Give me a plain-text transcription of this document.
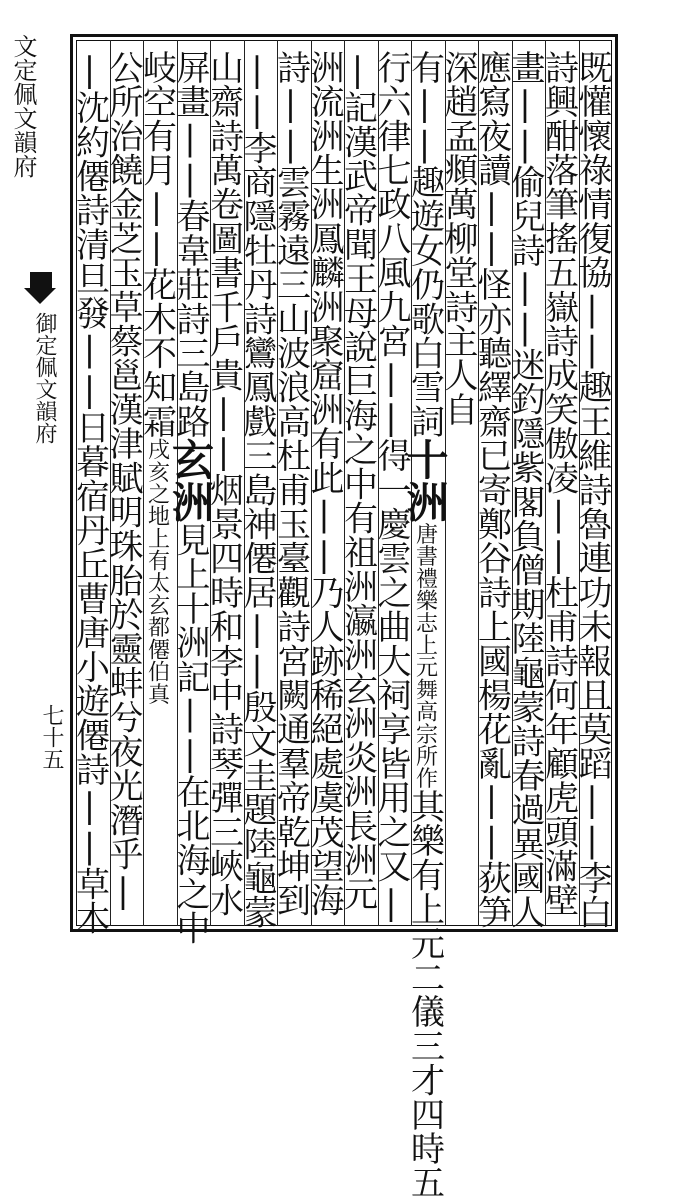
文定佩文韻府
御定佩文韻府
七十五
既懽懷祿情復協||趣王維詩魯連功未報且莫蹈||李白
詩興酣落筆搖五嶽詩成笑傲凌||杜甫詩何年顧虎頭滿壁
畫||偷兒詩||迷釣隱紫閣負僧期陸龜蒙詩春過異國人
應寫夜讀||怪亦聽繹齋已寄鄭谷詩上國楊花亂||荻笋
深趙孟頫萬柳堂詩主人自
有||趣遊女仍歌白雪詞十洲唐書禮樂志上元舞高宗所作其樂有上元二儀三才四時五
行六律七政八風九宮||得一慶雲之曲大祠享皆用之又|
|記漢武帝聞王母說巨海之中有祖洲瀛洲玄洲炎洲長洲元
洲流洲生洲鳳麟洲聚窟洲有此||乃人跡稀絕處虞茂望海
詩||雲霧遠三山波浪高杜甫玉臺觀詩宮闕通羣帝乾坤到
||李商隱牡丹詩鸞鳳戲三島神僊居||殷文圭題陸龜蒙
山齋詩萬卷圖書千戶貴||烟景四時和李中詩琴彈三峽水
屏畫||春韋莊詩三島路玄洲見上十洲記||在北海之中
岐空有月||花木不知霜戌亥之地上有太玄都僊伯真
公所治饒金芝玉草蔡邕漢津賦明珠胎於靈蚌兮夜光潛乎|
|沈約僊詩清旦發||日暮宿丹丘曹唐小遊僊詩||草木
